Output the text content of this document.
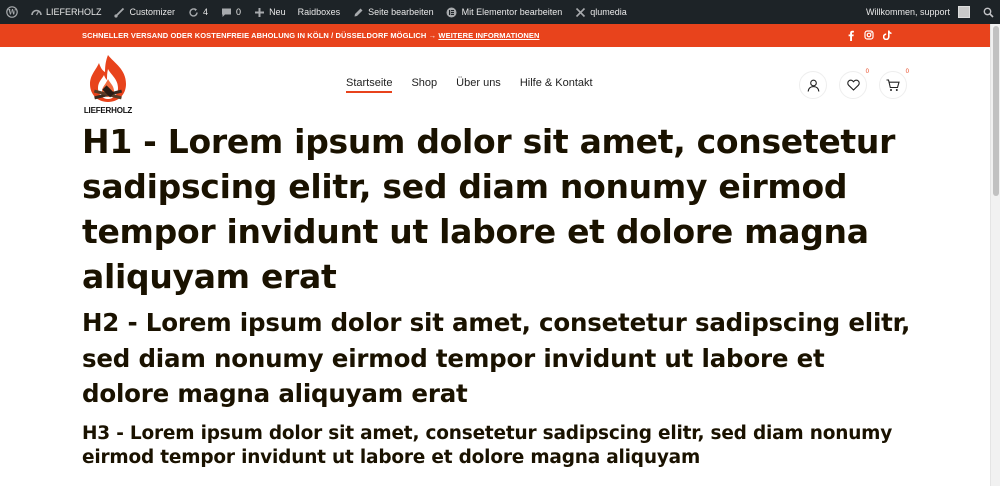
W	LIEFERHOLZ	Customizer	4	0	Neu Raidboxes	Seite bearbeiten	Mit Elementor bearbeiten	qlumedia	Willkommen, support
SCHNELLER VERSAND ODER KOSTENFREIE ABHOLUNG IN KÖLN / DÜSSELDORF MÖGLICH → WEITERE INFORMATIONEN
LIEFERHOLZ
Startseite Shop Über uns Hilfe & Kontakt
0	0
H1 - Lorem ipsum dolor sit amet, consetetur sadipscing elitr, sed diam nonumy eirmod tempor invidunt ut labore et dolore magna aliquyam erat
H2 - Lorem ipsum dolor sit amet, consetetur sadipscing elitr, sed diam nonumy eirmod tempor invidunt ut labore et dolore magna aliquyam erat
H3 - Lorem ipsum dolor sit amet, consetetur sadipscing elitr, sed diam nonumy eirmod tempor invidunt ut labore et dolore magna aliquyam
